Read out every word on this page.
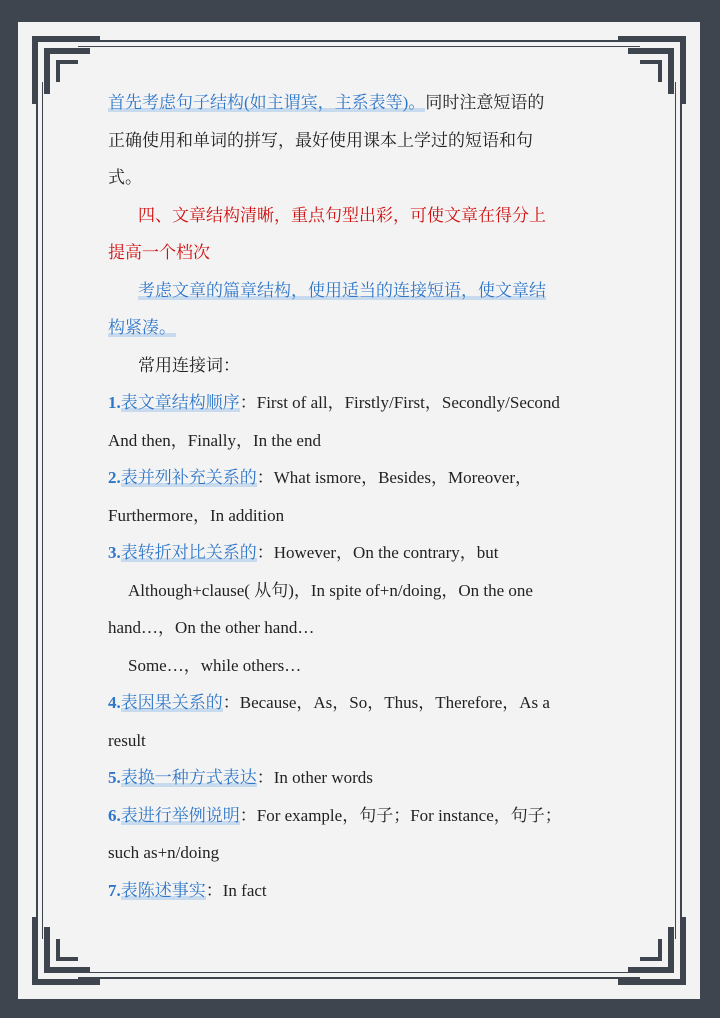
首先考虑句子结构(如主谓宾，主系表等)。同时注意短语的
正确使用和单词的拼写，最好使用课本上学过的短语和句
式。
四、文章结构清晰，重点句型出彩，可使文章在得分上
提高一个档次
考虑文章的篇章结构，使用适当的连接短语，使文章结
构紧凑。
常用连接词：
1.表文章结构顺序：First of all，Firstly/First，Secondly/Second
And then，Finally，In the end
2.表并列补充关系的：What ismore，Besides，Moreover，
Furthermore，In addition
3.表转折对比关系的：However，On the contrary，but
Although+clause( 从句)，In spite of+n/doing，On the one
hand…，On the other hand…
Some…，while others…
4.表因果关系的：Because，As，So，Thus，Therefore，As a
result
5.表换一种方式表达：In other words
6.表进行举例说明：For example，句子；For instance，句子；
such as+n/doing
7.表陈述事实：In fact
